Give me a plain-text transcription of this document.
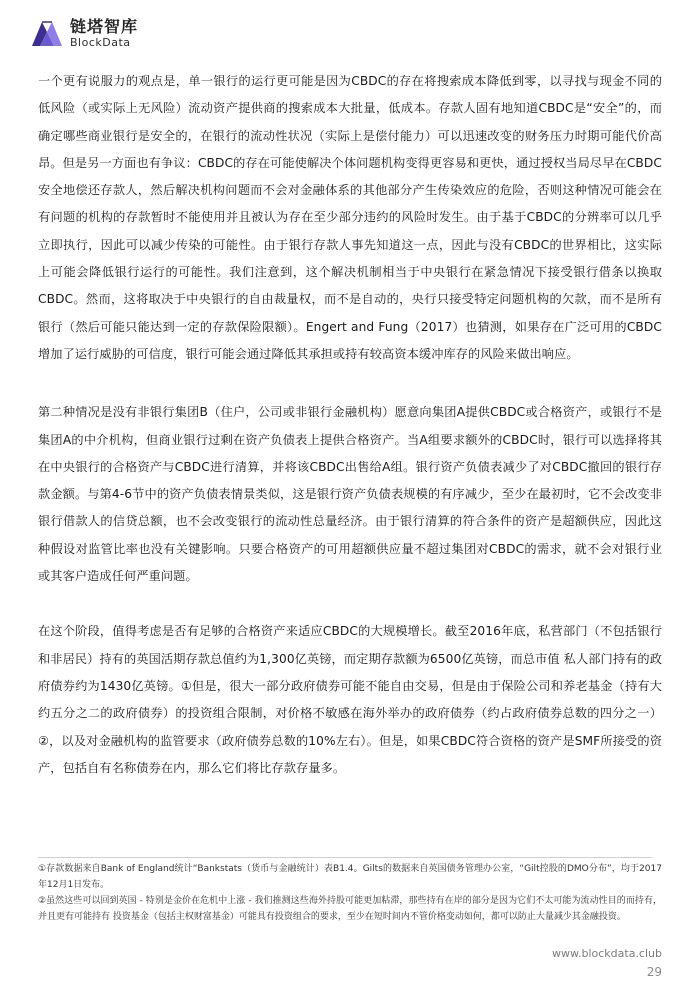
链塔智库
BlockData

一个更有说服力的观点是，单一银行的运行更可能是因为CBDC的存在将搜索成本降低到零，以寻找与现金不同的低风险（或实际上无风险）流动资产提供商的搜索成本大批量，低成本。存款人固有地知道CBDC是“安全”的，而确定哪些商业银行是安全的，在银行的流动性状况（实际上是偿付能力）可以迅速改变的财务压力时期可能代价高昂。但是另一方面也有争议：CBDC的存在可能使解决个体问题机构变得更容易和更快，通过授权当局尽早在CBDC安全地偿还存款人，然后解决机构问题而不会对金融体系的其他部分产生传染效应的危险，否则这种情况可能会在有问题的机构的存款暂时不能使用并且被认为存在至少部分违约的风险时发生。由于基于CBDC的分辨率可以几乎立即执行，因此可以减少传染的可能性。由于银行存款人事先知道这一点，因此与没有CBDC的世界相比，这实际上可能会降低银行运行的可能性。我们注意到，这个解决机制相当于中央银行在紧急情况下接受银行借条以换取CBDC。然而，这将取决于中央银行的自由裁量权，而不是自动的，央行只接受特定问题机构的欠款，而不是所有银行（然后可能只能达到一定的存款保险限额）。Engert and Fung（2017）也猜测，如果存在广泛可用的CBDC增加了运行威胁的可信度，银行可能会通过降低其承担或持有较高资本缓冲库存的风险来做出响应。

第二种情况是没有非银行集团B（住户，公司或非银行金融机构）愿意向集团A提供CBDC或合格资产，或银行不是集团A的中介机构，但商业银行过剩在资产负债表上提供合格资产。当A组要求额外的CBDC时，银行可以选择将其在中央银行的合格资产与CBDC进行清算，并将该CBDC出售给A组。银行资产负债表减少了对CBDC撤回的银行存款金额。与第4-6节中的资产负债表情景类似，这是银行资产负债表规模的有序减少，至少在最初时，它不会改变非银行借款人的信贷总额，也不会改变银行的流动性总量经济。由于银行清算的符合条件的资产是超额供应，因此这种假设对监管比率也没有关键影响。只要合格资产的可用超额供应量不超过集团对CBDC的需求，就不会对银行业或其客户造成任何严重问题。

在这个阶段，值得考虑是否有足够的合格资产来适应CBDC的大规模增长。截至2016年底，私营部门（不包括银行和非居民）持有的英国活期存款总值约为1,300亿英镑，而定期存款额为6500亿英镑，而总市值 私人部门持有的政府债券约为1430亿英镑。①但是，很大一部分政府债券可能不能自由交易，但是由于保险公司和养老基金（持有大约五分之二的政府债券）的投资组合限制，对价格不敏感在海外举办的政府债券（约占政府债券总数的四分之一）②，以及对金融机构的监管要求（政府债券总数的10%左右）。但是，如果CBDC符合资格的资产是SMF所接受的资产，包括自有名称债券在内，那么它们将比存款存量多。

①存款数据来自Bank of England统计“Bankstats（货币与金融统计）表B1.4。Gilts的数据来自英国债务管理办公室，“Gilt控股的DMO分布”，均于2017年12月1日发布。

②虽然这些可以回到英国 - 特别是金价在危机中上涨 - 我们推测这些海外持股可能更加粘滞，那些持有在岸的部分是因为它们不太可能为流动性目的而持有，并且更有可能持有 投资基金（包括主权财富基金）可能具有投资组合的要求，至少在短时间内不管价格变动如何，都可以防止大量减少其金融投资。

www.blockdata.club
29
